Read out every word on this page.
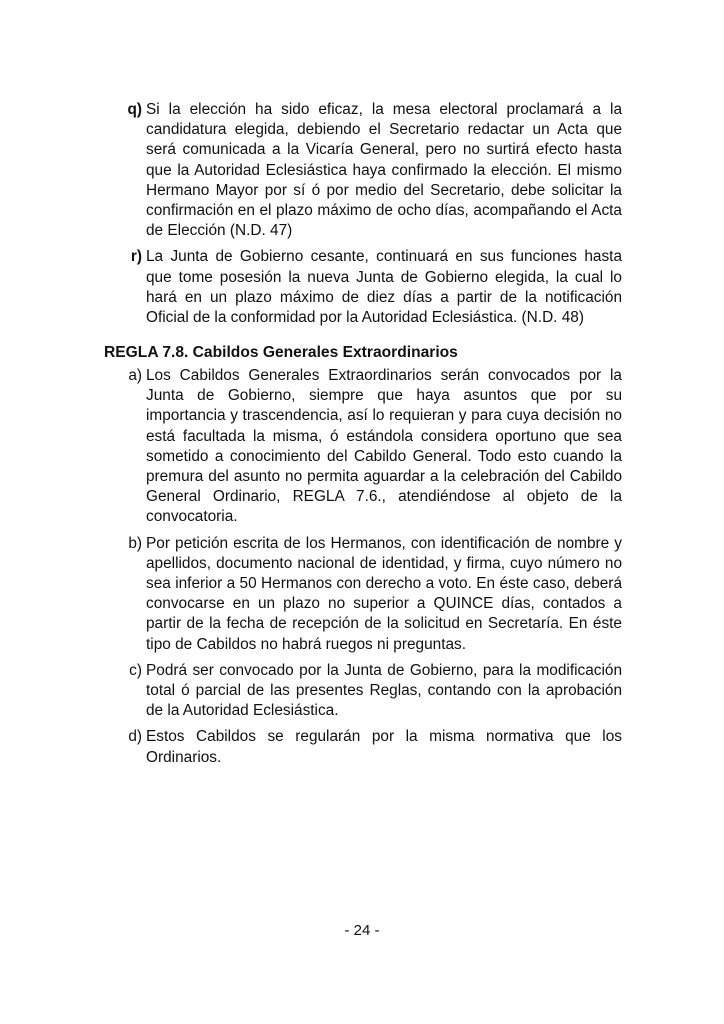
q) Si la elección ha sido eficaz, la mesa electoral proclamará a la candidatura elegida, debiendo el Secretario redactar un Acta que será comunicada a la Vicaría General, pero no surtirá efecto hasta que la Autoridad Eclesiástica haya confirmado la elección. El mismo Hermano Mayor por sí ó por medio del Secretario, debe solicitar la confirmación en el plazo máximo de ocho días, acompañando el Acta de Elección (N.D. 47)
r) La Junta de Gobierno cesante, continuará en sus funciones hasta que tome posesión la nueva Junta de Gobierno elegida, la cual lo hará en un plazo máximo de diez días a partir de la notificación Oficial de la conformidad por la Autoridad Eclesiástica. (N.D. 48)
REGLA 7.8. Cabildos Generales Extraordinarios
a) Los Cabildos Generales Extraordinarios serán convocados por la Junta de Gobierno, siempre que haya asuntos que por su importancia y trascendencia, así lo requieran y para cuya decisión no está facultada la misma, ó estándola considera oportuno que sea sometido a conocimiento del Cabildo General. Todo esto cuando la premura del asunto no permita aguardar a la celebración del Cabildo General Ordinario, REGLA 7.6., atendiéndose al objeto de la convocatoria.
b) Por petición escrita de los Hermanos, con identificación de nombre y apellidos, documento nacional de identidad, y firma, cuyo número no sea inferior a 50 Hermanos con derecho a voto. En éste caso, deberá convocarse en un plazo no superior a QUINCE días, contados a partir de la fecha de recepción de la solicitud en Secretaría. En éste tipo de Cabildos no habrá ruegos ni preguntas.
c) Podrá ser convocado por la Junta de Gobierno, para la modificación total ó parcial de las presentes Reglas, contando con la aprobación de la Autoridad Eclesiástica.
d) Estos Cabildos se regularán por la misma normativa que los Ordinarios.
- 24 -
